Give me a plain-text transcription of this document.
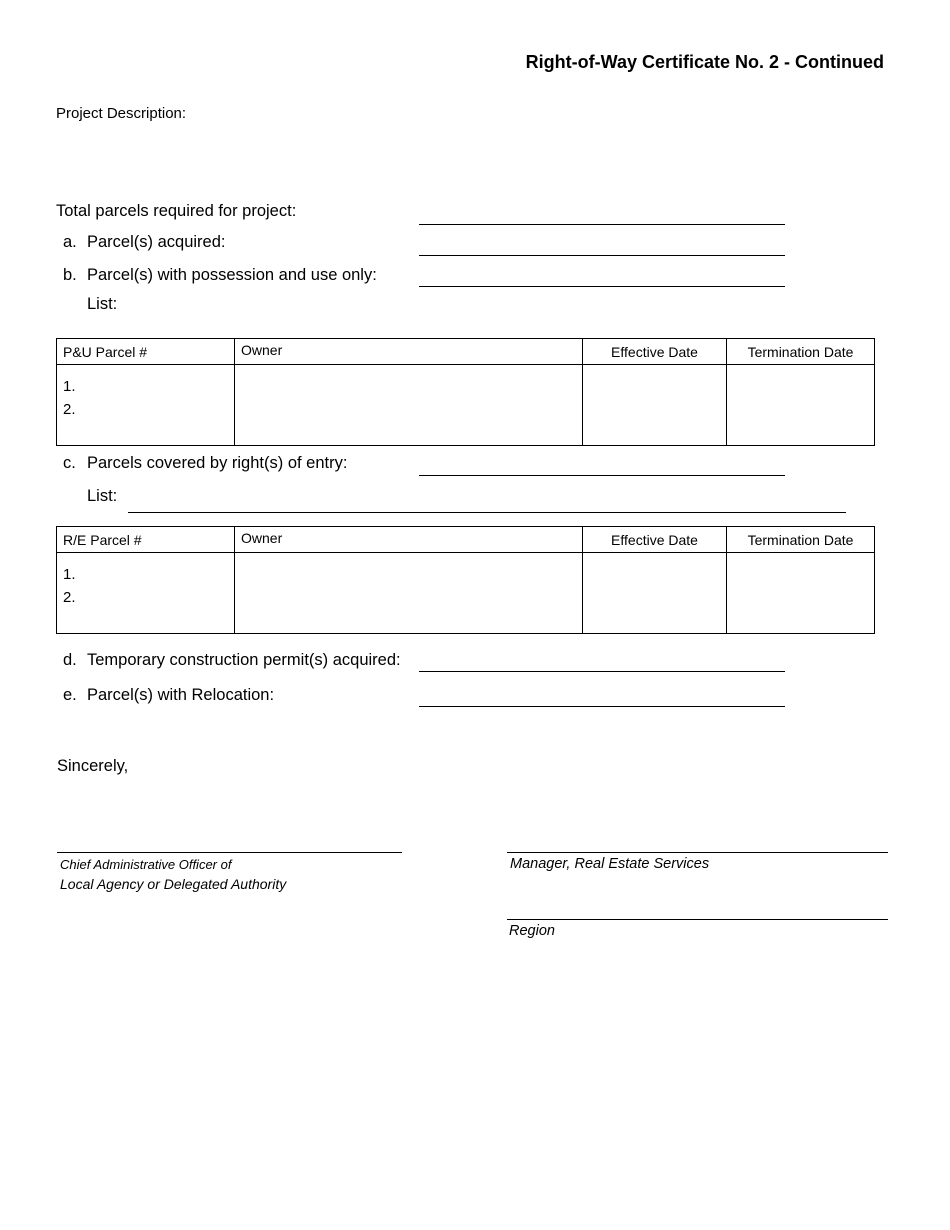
Right-of-Way Certificate No. 2 - Continued
Project Description:
Total parcels required for project:
a. Parcel(s) acquired:
b. Parcel(s) with possession and use only:
List:
P&U Parcel #	Owner	Effective Date	Termination Date

1.
2.			

c. Parcels covered by right(s) of entry:
List:
R/E Parcel #	Owner	Effective Date	Termination Date

1.
2.			

d. Temporary construction permit(s) acquired:
e. Parcel(s) with Relocation:
Sincerely,
Chief Administrative Officer of
Local Agency or Delegated Authority
Manager, Real Estate Services
Region
